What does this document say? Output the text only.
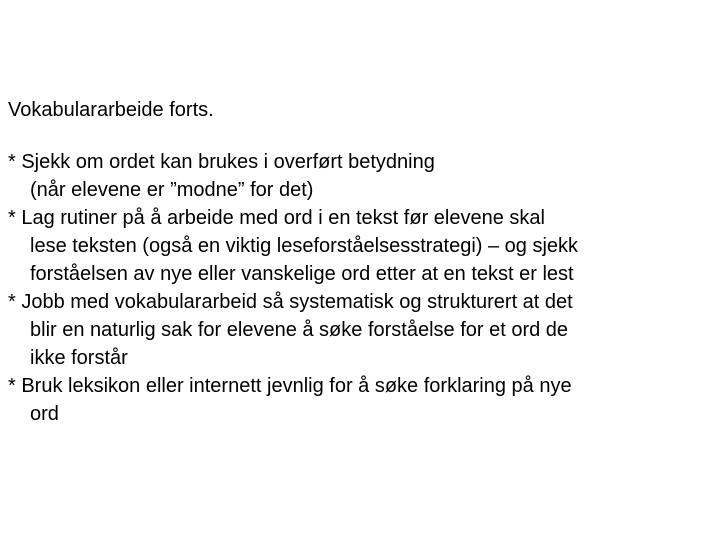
Vokabulararbeide forts.
* Sjekk om ordet kan brukes i overført betydning
(når elevene er ”modne” for det)
* Lag rutiner på å arbeide med ord i en tekst før elevene skal
lese teksten (også en viktig leseforståelsesstrategi) – og sjekk
forståelsen av nye eller vanskelige ord etter at en tekst er lest
* Jobb med vokabulararbeid så systematisk og strukturert at det
blir en naturlig sak for elevene å søke forståelse for et ord de
ikke forstår
* Bruk leksikon eller internett jevnlig for å søke forklaring på nye
ord
